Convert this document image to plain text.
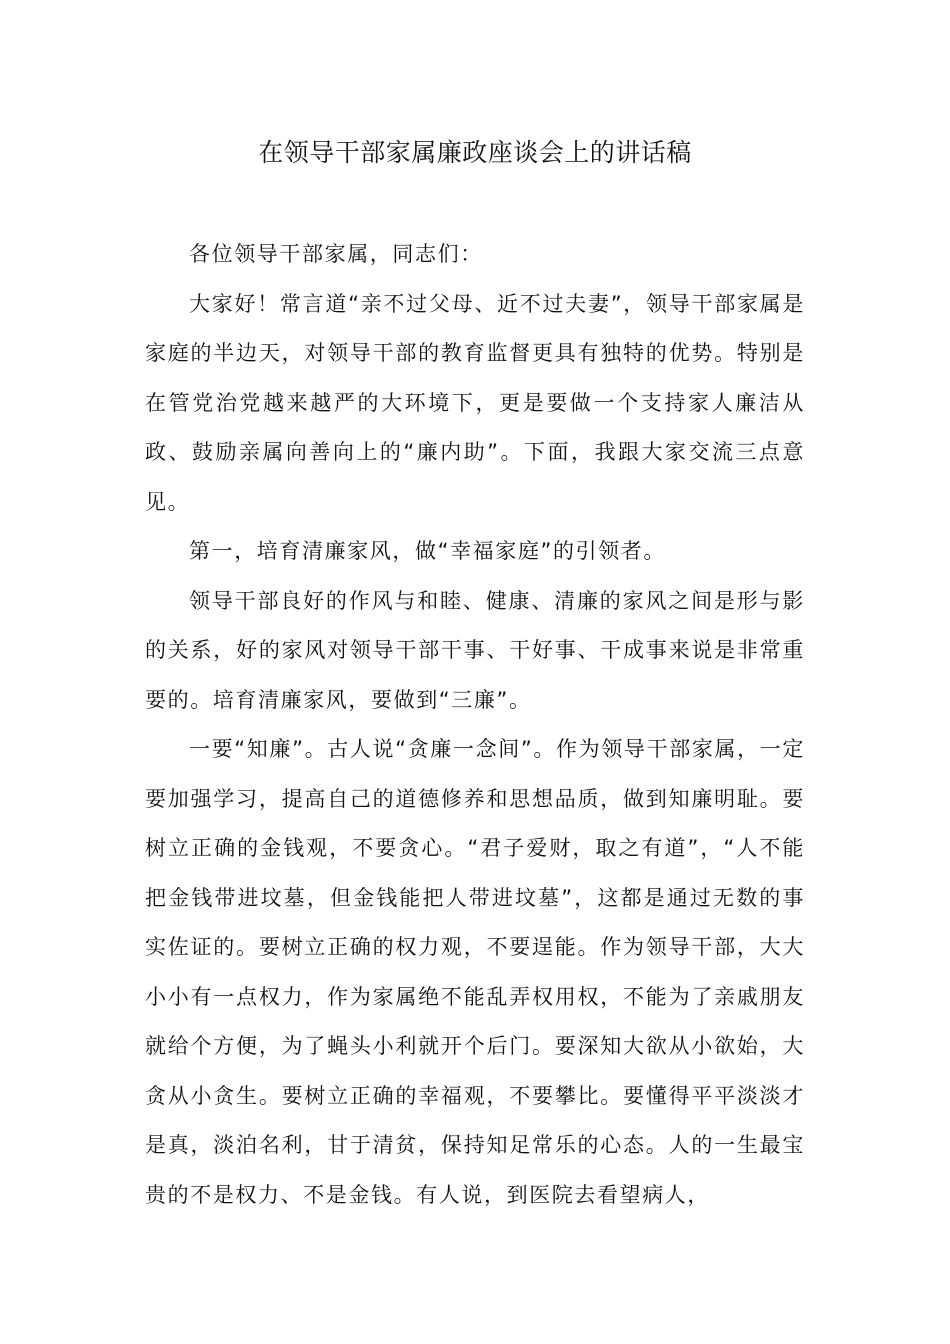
在领导干部家属廉政座谈会上的讲话稿

各位领导干部家属，同志们：

大家好！常言道“亲不过父母、近不过夫妻”，领导干部家属是家庭的半边天，对领导干部的教育监督更具有独特的优势。特别是在管党治党越来越严的大环境下，更是要做一个支持家人廉洁从政、鼓励亲属向善向上的“廉内助”。下面，我跟大家交流三点意见。

第一，培育清廉家风，做“幸福家庭”的引领者。

领导干部良好的作风与和睦、健康、清廉的家风之间是形与影的关系，好的家风对领导干部干事、干好事、干成事来说是非常重要的。培育清廉家风，要做到“三廉”。

一要“知廉”。古人说“贪廉一念间”。作为领导干部家属，一定要加强学习，提高自己的道德修养和思想品质，做到知廉明耻。要树立正确的金钱观，不要贪心。“君子爱财，取之有道”，“人不能把金钱带进坟墓，但金钱能把人带进坟墓”，这都是通过无数的事实佐证的。要树立正确的权力观，不要逞能。作为领导干部，大大小小有一点权力，作为家属绝不能乱弄权用权，不能为了亲戚朋友就给个方便，为了蝇头小利就开个后门。要深知大欲从小欲始，大贪从小贪生。要树立正确的幸福观，不要攀比。要懂得平平淡淡才是真，淡泊名利，甘于清贫，保持知足常乐的心态。人的一生最宝贵的不是权力、不是金钱。有人说，到医院去看望病人，
